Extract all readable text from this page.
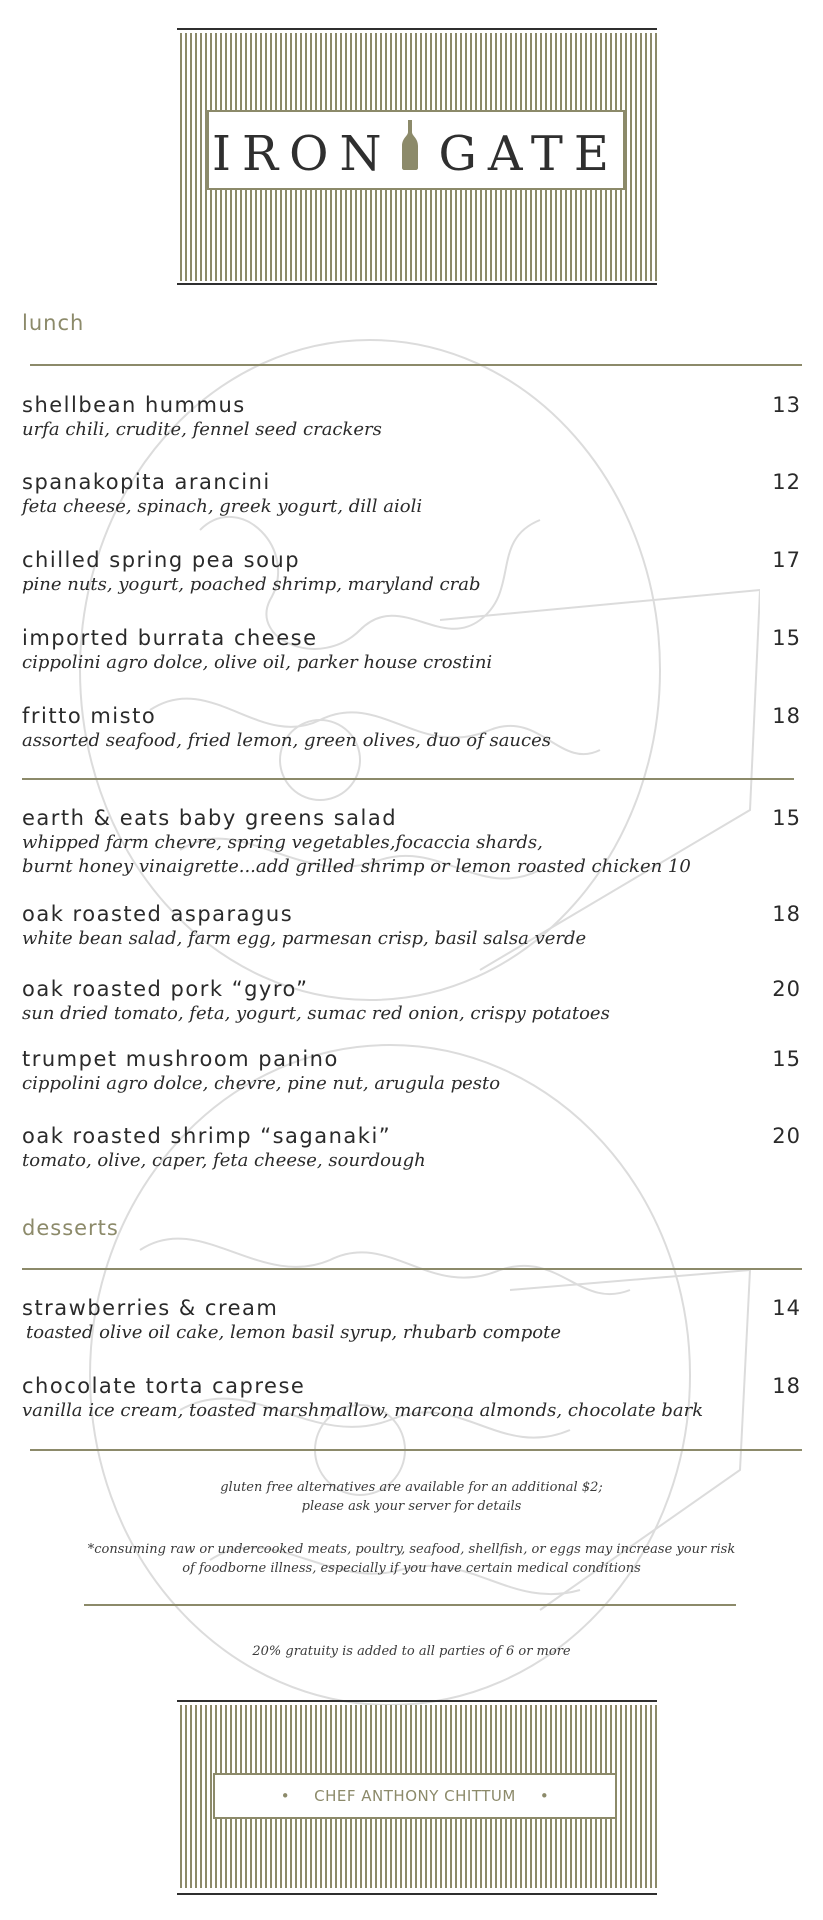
IRON GATE
lunch
shellbean hummus
urfa chili, crudite, fennel seed crackers
13
spanakopita arancini
feta cheese, spinach, greek yogurt, dill aioli
12
chilled spring pea soup
pine nuts, yogurt, poached shrimp, maryland crab
17
imported burrata cheese
cippolini agro dolce, olive oil, parker house crostini
15
fritto misto
assorted seafood, fried lemon, green olives, duo of sauces
18
earth & eats baby greens salad
whipped farm chevre, spring vegetables,focaccia shards,
burnt honey vinaigrette...add grilled shrimp or lemon roasted chicken 10
15
oak roasted asparagus
white bean salad, farm egg, parmesan crisp, basil salsa verde
18
oak roasted pork “gyro”
sun dried tomato, feta, yogurt, sumac red onion, crispy potatoes
20
trumpet mushroom panino
cippolini agro dolce, chevre, pine nut, arugula pesto
15
oak roasted shrimp “saganaki”
tomato, olive, caper, feta cheese, sourdough
20
desserts
strawberries & cream
toasted olive oil cake, lemon basil syrup, rhubarb compote
14
chocolate torta caprese
vanilla ice cream, toasted marshmallow, marcona almonds, chocolate bark
18
gluten free alternatives are available for an additional $2;
please ask your server for details
*consuming raw or undercooked meats, poultry, seafood, shellfish, or eggs may increase your risk
of foodborne illness, especially if you have certain medical conditions
20% gratuity is added to all parties of 6 or more
• CHEF ANTHONY CHITTUM •
